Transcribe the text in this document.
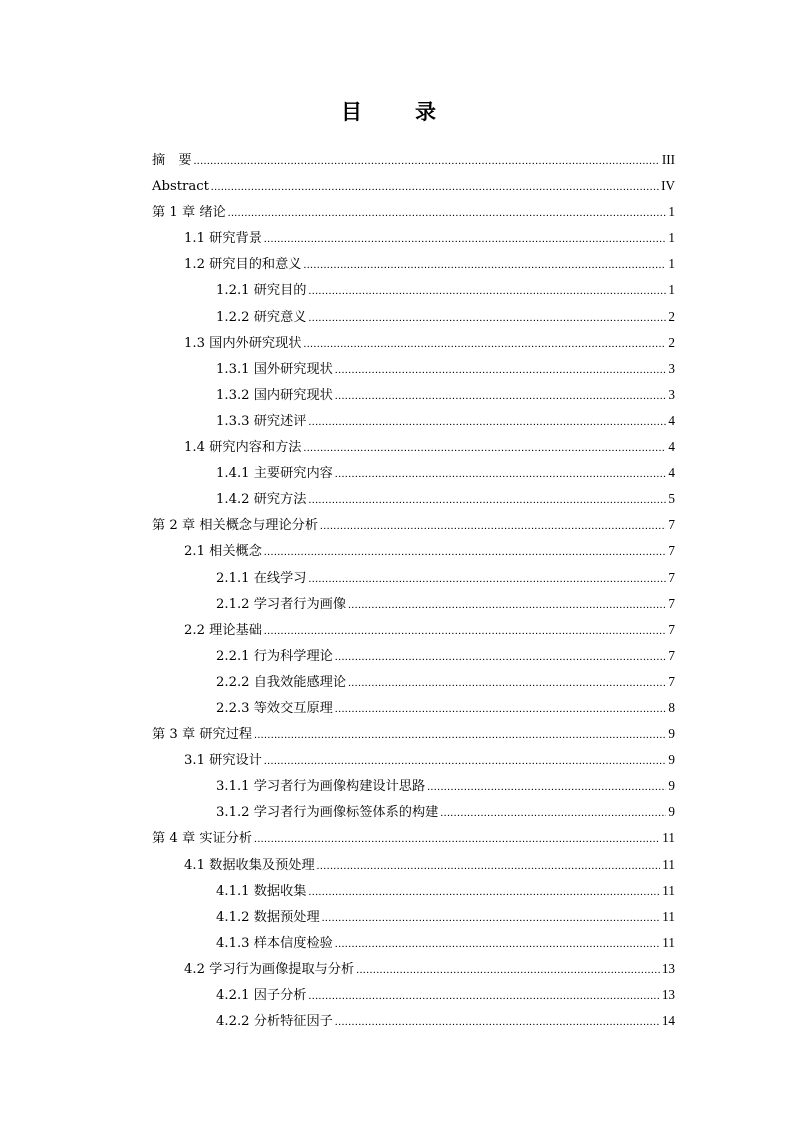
目　录
摘　要 .....	III
Abstract .....	IV
第 1 章 绪论 .....	1
1.1 研究背景 .....	1
1.2 研究目的和意义 .....	1
1.2.1 研究目的 .....	1
1.2.2 研究意义 .....	2
1.3 国内外研究现状 .....	2
1.3.1 国外研究现状 .....	3
1.3.2 国内研究现状 .....	3
1.3.3 研究述评 .....	4
1.4 研究内容和方法 .....	4
1.4.1 主要研究内容 .....	4
1.4.2 研究方法 .....	5
第 2 章 相关概念与理论分析 .....	7
2.1 相关概念 .....	7
2.1.1 在线学习 .....	7
2.1.2 学习者行为画像 .....	7
2.2 理论基础 .....	7
2.2.1 行为科学理论 .....	7
2.2.2 自我效能感理论 .....	7
2.2.3 等效交互原理 .....	8
第 3 章 研究过程 .....	9
3.1 研究设计 .....	9
3.1.1 学习者行为画像构建设计思路 .....	9
3.1.2 学习者行为画像标签体系的构建 .....	9
第 4 章 实证分析 .....	11
4.1 数据收集及预处理 .....	11
4.1.1 数据收集 .....	11
4.1.2 数据预处理 .....	11
4.1.3 样本信度检验 .....	11
4.2 学习行为画像提取与分析 .....	13
4.2.1 因子分析 .....	13
4.2.2 分析特征因子 .....	14
